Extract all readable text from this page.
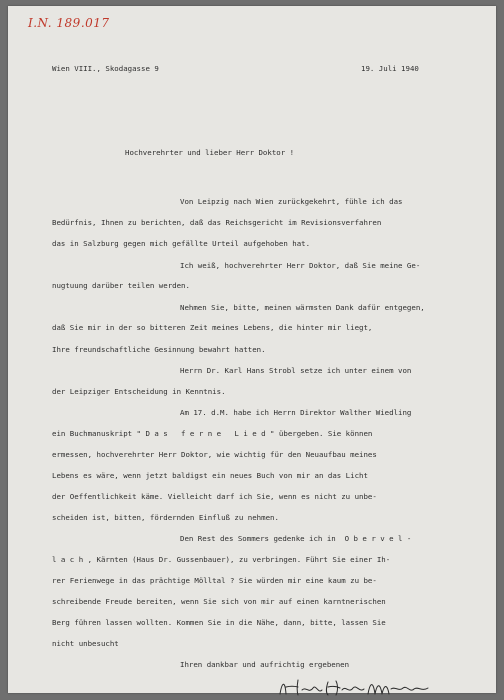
I.N. 189.017
Wien VIII., Skodagasse 9	19. Juli 1940
Hochverehrter und lieber Herr Doktor !
Von Leipzig nach Wien zurückgekehrt, fühle ich das
Bedürfnis, Ihnen zu berichten, daß das Reichsgericht im Revisionsverfahren
das in Salzburg gegen mich gefällte Urteil aufgehoben hat.
Ich weiß, hochverehrter Herr Doktor, daß Sie meine Ge-
nugtuung darüber teilen werden.
Nehmen Sie, bitte, meinen wärmsten Dank dafür entgegen,
daß Sie mir in der so bitteren Zeit meines Lebens, die hinter mir liegt,
Ihre freundschaftliche Gesinnung bewahrt hatten.
Herrn Dr. Karl Hans Strobl setze ich unter einem von
der Leipziger Entscheidung in Kenntnis.
Am 17. d.M. habe ich Herrn Direktor Walther Wiedling
ein Buchmanuskript " D a s   f e r n e   L i e d " übergeben. Sie können
ermessen, hochverehrter Herr Doktor, wie wichtig für den Neuaufbau meines
Lebens es wäre, wenn jetzt baldigst ein neues Buch von mir an das Licht
der Oeffentlichkeit käme. Vielleicht darf ich Sie, wenn es nicht zu unbe-
scheiden ist, bitten, fördernden Einfluß zu nehmen.
Den Rest des Sommers gedenke ich in  O b e r v e l -
l a c h , Kärnten (Haus Dr. Gussenbauer), zu verbringen. Führt Sie einer Ih-
rer Ferienwege in das prächtige Mölltal ? Sie würden mir eine kaum zu be-
schreibende Freude bereiten, wenn Sie sich von mir auf einen karntnerischen
Berg führen lassen wollten. Kommen Sie in die Nähe, dann, bitte, lassen Sie
nicht unbesucht
Ihren dankbar und aufrichtig ergebenen
